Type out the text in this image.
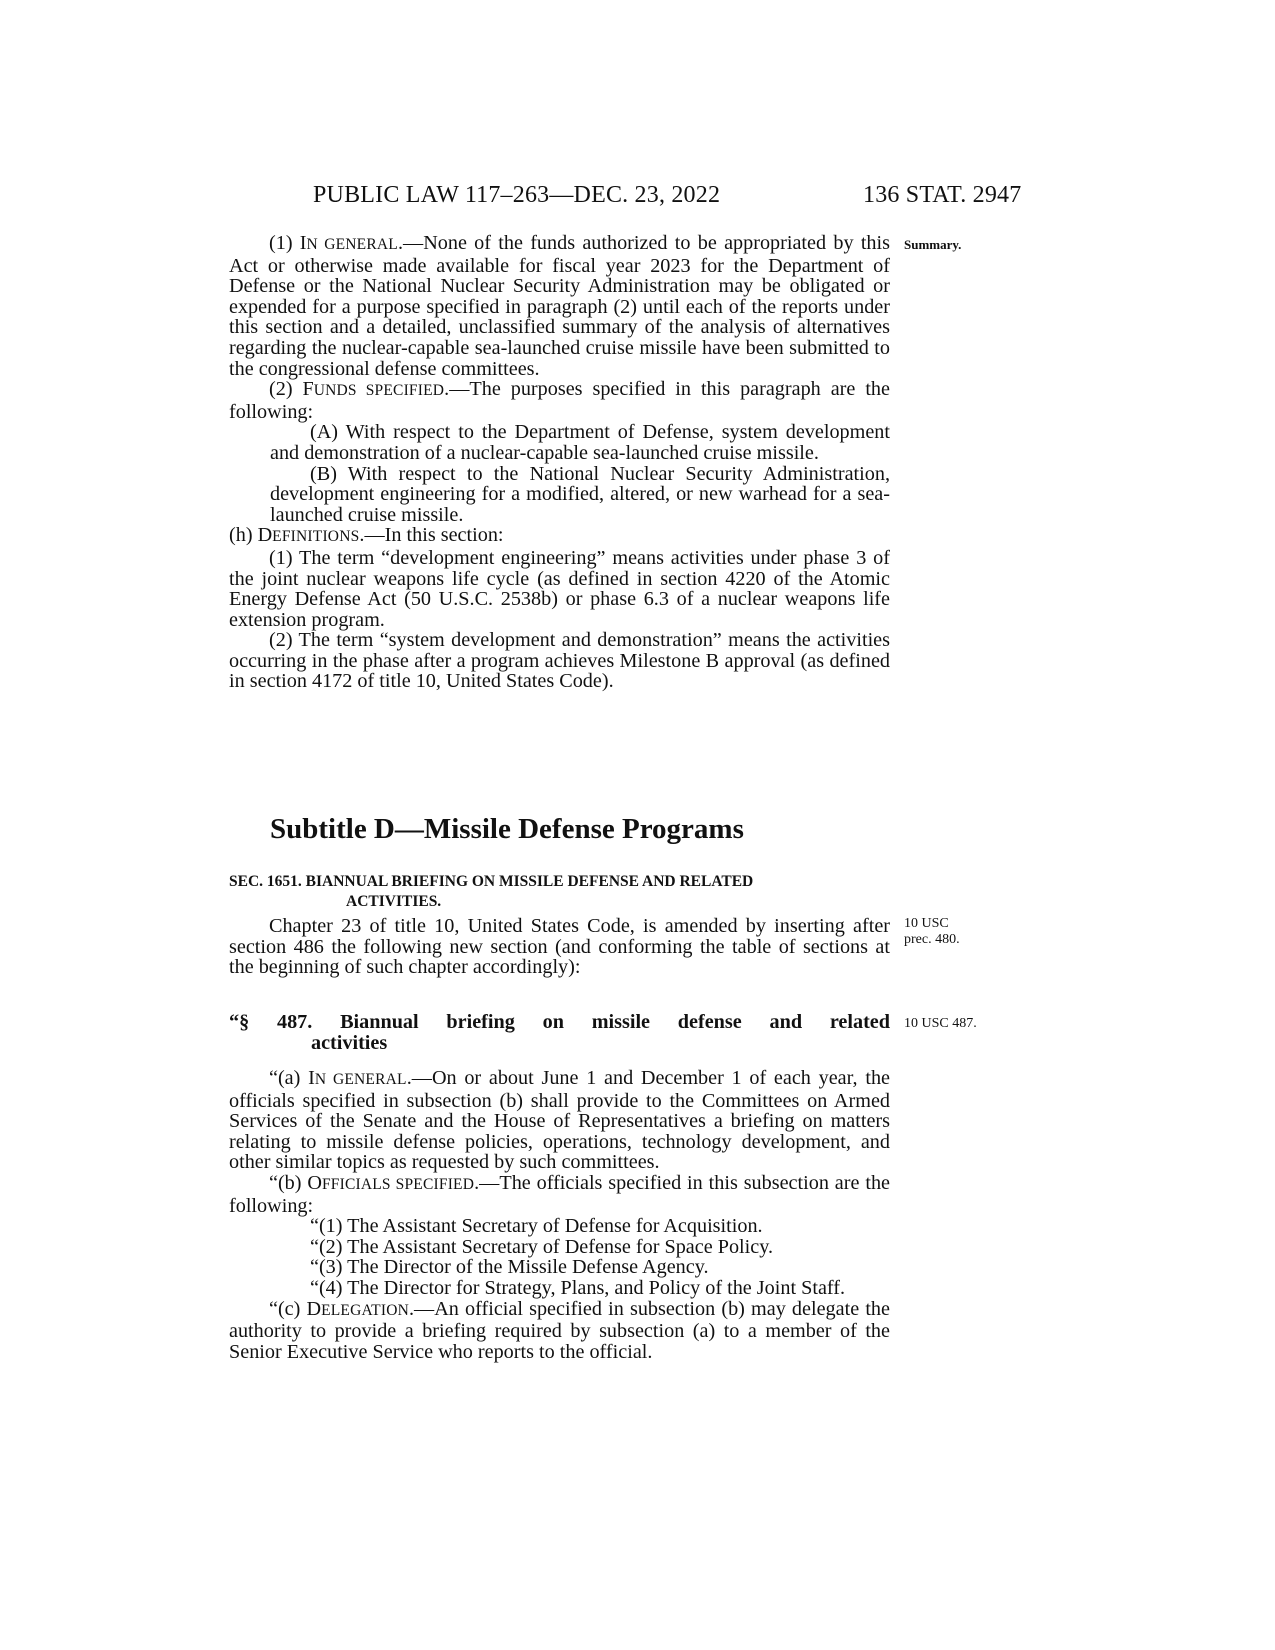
PUBLIC LAW 117–263—DEC. 23, 2022	136 STAT. 2947
Summary.

(1) IN GENERAL.—None of the funds authorized to be appropriated by this Act or otherwise made available for fiscal year 2023 for the Department of Defense or the National Nuclear Security Administration may be obligated or expended for a purpose specified in paragraph (2) until each of the reports under this section and a detailed, unclassified summary of the analysis of alternatives regarding the nuclear-capable sea-launched cruise missile have been submitted to the congressional defense committees.

(2) FUNDS SPECIFIED.—The purposes specified in this paragraph are the following:

(A) With respect to the Department of Defense, system development and demonstration of a nuclear-capable sea-launched cruise missile.

(B) With respect to the National Nuclear Security Administration, development engineering for a modified, altered, or new warhead for a sea-launched cruise missile.

(h) DEFINITIONS.—In this section:

(1) The term “development engineering” means activities under phase 3 of the joint nuclear weapons life cycle (as defined in section 4220 of the Atomic Energy Defense Act (50 U.S.C. 2538b) or phase 6.3 of a nuclear weapons life extension program.

(2) The term “system development and demonstration” means the activities occurring in the phase after a program achieves Milestone B approval (as defined in section 4172 of title 10, United States Code).

Subtitle D—Missile Defense Programs
SEC. 1651. BIANNUAL BRIEFING ON MISSILE DEFENSE AND RELATED
ACTIVITIES.

Chapter 23 of title 10, United States Code, is amended by inserting after section 486 the following new section (and conforming the table of sections at the beginning of such chapter accordingly):

10 USC
prec. 480.
“§ 487. Biannual briefing on missile defense and related
activities
10 USC 487.

“(a) IN GENERAL.—On or about June 1 and December 1 of each year, the officials specified in subsection (b) shall provide to the Committees on Armed Services of the Senate and the House of Representatives a briefing on matters relating to missile defense policies, operations, technology development, and other similar topics as requested by such committees.

“(b) OFFICIALS SPECIFIED.—The officials specified in this subsection are the following:

“(1) The Assistant Secretary of Defense for Acquisition.

“(2) The Assistant Secretary of Defense for Space Policy.

“(3) The Director of the Missile Defense Agency.

“(4) The Director for Strategy, Plans, and Policy of the Joint Staff.

“(c) DELEGATION.—An official specified in subsection (b) may delegate the authority to provide a briefing required by subsection (a) to a member of the Senior Executive Service who reports to the official.
